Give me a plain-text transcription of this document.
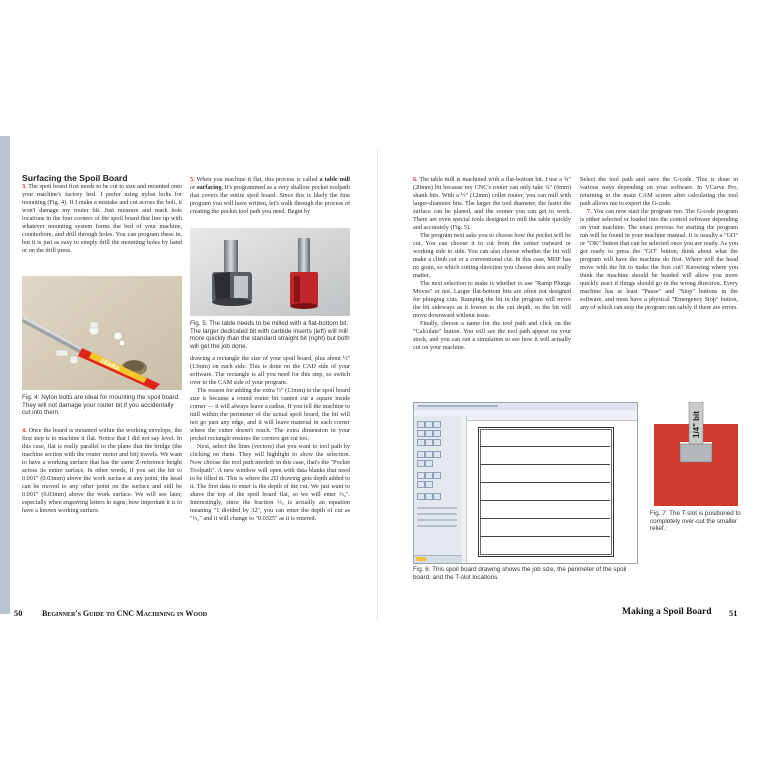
Surfacing the Spoil Board

3. The spoil board first needs to be cut to size and mounted onto your machine's factory bed. I prefer using nylon bolts for mounting (Fig. 4). If I make a mistake and cut across the bolt, it won't damage my router bit. Just measure and mark hole locations in the four corners of the spoil board that line up with whatever mounting system forms the bed of your machine, counterbore, and drill through holes. You can program these in, but it is just as easy to simply drill the mounting holes by hand or on the drill press.

ZEBRA
Fig. 4: Nylon bolts are ideal for mounting the spoil board. They will not damage your router bit if you accidentally cut into them.

4. Once the board is mounted within the working envelope, the first step is to machine it flat. Notice that I did not say level. In this case, flat is really parallel to the plane that the bridge (the machine section with the router motor and bit) travels. We want to have a working surface that has the same Z-reference height across its entire surface. In other words, if you set the bit to 0.001" (0.03mm) above the work surface at any point, the head can be moved to any other point on the surface and still be 0.001" (0.03mm) above the work surface. We will see later, especially when engraving letters in signs, how important it is to have a known working surface.

5. When you machine it flat, this process is called a table mill or surfacing. It's programmed as a very shallow pocket toolpath that covers the entire spoil board. Since this is likely the first program you will have written, let's walk through the process of creating the pocket tool path you need. Begin by

Fig. 5: The table needs to be milled with a flat-bottom bit. The larger dedicated bit with carbide inserts (left) will mill more quickly than the standard straight bit (right) but both will get the job done.

drawing a rectangle the size of your spoil board, plus about ½" (13mm) on each side. This is done on the CAD side of your software. The rectangle is all you need for this step, so switch over to the CAM side of your program.

The reason for adding the extra ½" (13mm) to the spoil board size is because a round router bit cannot cut a square inside corner — it will always leave a radius. If you tell the machine to mill within the perimeter of the actual spoil board, the bit will not go past any edge, and it will leave material in each corner where the cutter doesn't reach. The extra dimension in your pocket rectangle ensures the corners get cut too.

Next, select the lines (vectors) that you want to tool path by clicking on them. They will highlight to show the selection. Now choose the tool path needed: in this case, that's the "Pocket Toolpath". A new window will open with data blanks that need to be filled in. This is where the 2D drawing gets depth added to it. The first data to enter is the depth of the cut. We just want to shave the top of the spoil board flat, so we will enter ⅓₂". Interestingly, since the fraction ⅓₂ is actually an equation meaning "1 divided by 32", you can enter the depth of cut as "⅓₂" and it will change to "0.0325" as it is entered.

6. The table mill is machined with a flat-bottom bit. I use a ¾" (20mm) bit because my CNC's router can only take ¼" (6mm) shank bits. With a ½" (12mm) collet router, you can mill with larger-diameter bits. The larger the tool diameter, the faster the surface can be planed, and the sooner you can get to work. There are even special tools designed to mill the table quickly and accurately (Fig. 5).

The program next asks you to choose how the pocket will be cut. You can choose it to cut from the center outward or working side to side. You can also choose whether the bit will make a climb cut or a conventional cut. In this case, MDF has no grain, so which cutting direction you choose does not really matter.

The next selection to make is whether to use "Ramp Plunge Moves" or not. Larger flat-bottom bits are often not designed for plunging cuts. Ramping the bit in the program will move the bit sideways as it lowers to the cut depth, so the bit will move downward without issue.

Finally, choose a name for the tool path and click on the "Calculate" button. You will see the tool path appear on your stock, and you can run a simulation to see how it will actually cut on your machine.

Select the tool path and save the G-code. This is done in various ways depending on your software. In VCarve Pro, returning to the main CAM screen after calculating the tool path allows me to export the G-code.

7. You can now start the program run. The G-code program is either selected or loaded into the control software depending on your machine. The exact process for starting the program run will be found in your machine manual. It is usually a "GO" or "OK" button that can be selected once you are ready. As you get ready to press the "GO" button, think about what the program will have the machine do first. Where will the head move with the bit to make the first cut? Knowing where you think the machine should be headed will allow you more quickly react if things should go in the wrong direction. Every machine has at least "Pause" and "Stop" buttons in the software, and most have a physical "Emergency Stop" button, any of which can stop the program run safely if there are errors.

Fig. 6: This spoil board drawing shows the job size, the perimeter of the spoil board, and the T-slot locations.
1/4" bit
Fig. 7: The T-slot is positioned to completely over-cut the smaller relief.
50 Beginner's Guide to CNC Machining in Wood	Making a Spoil Board 51
